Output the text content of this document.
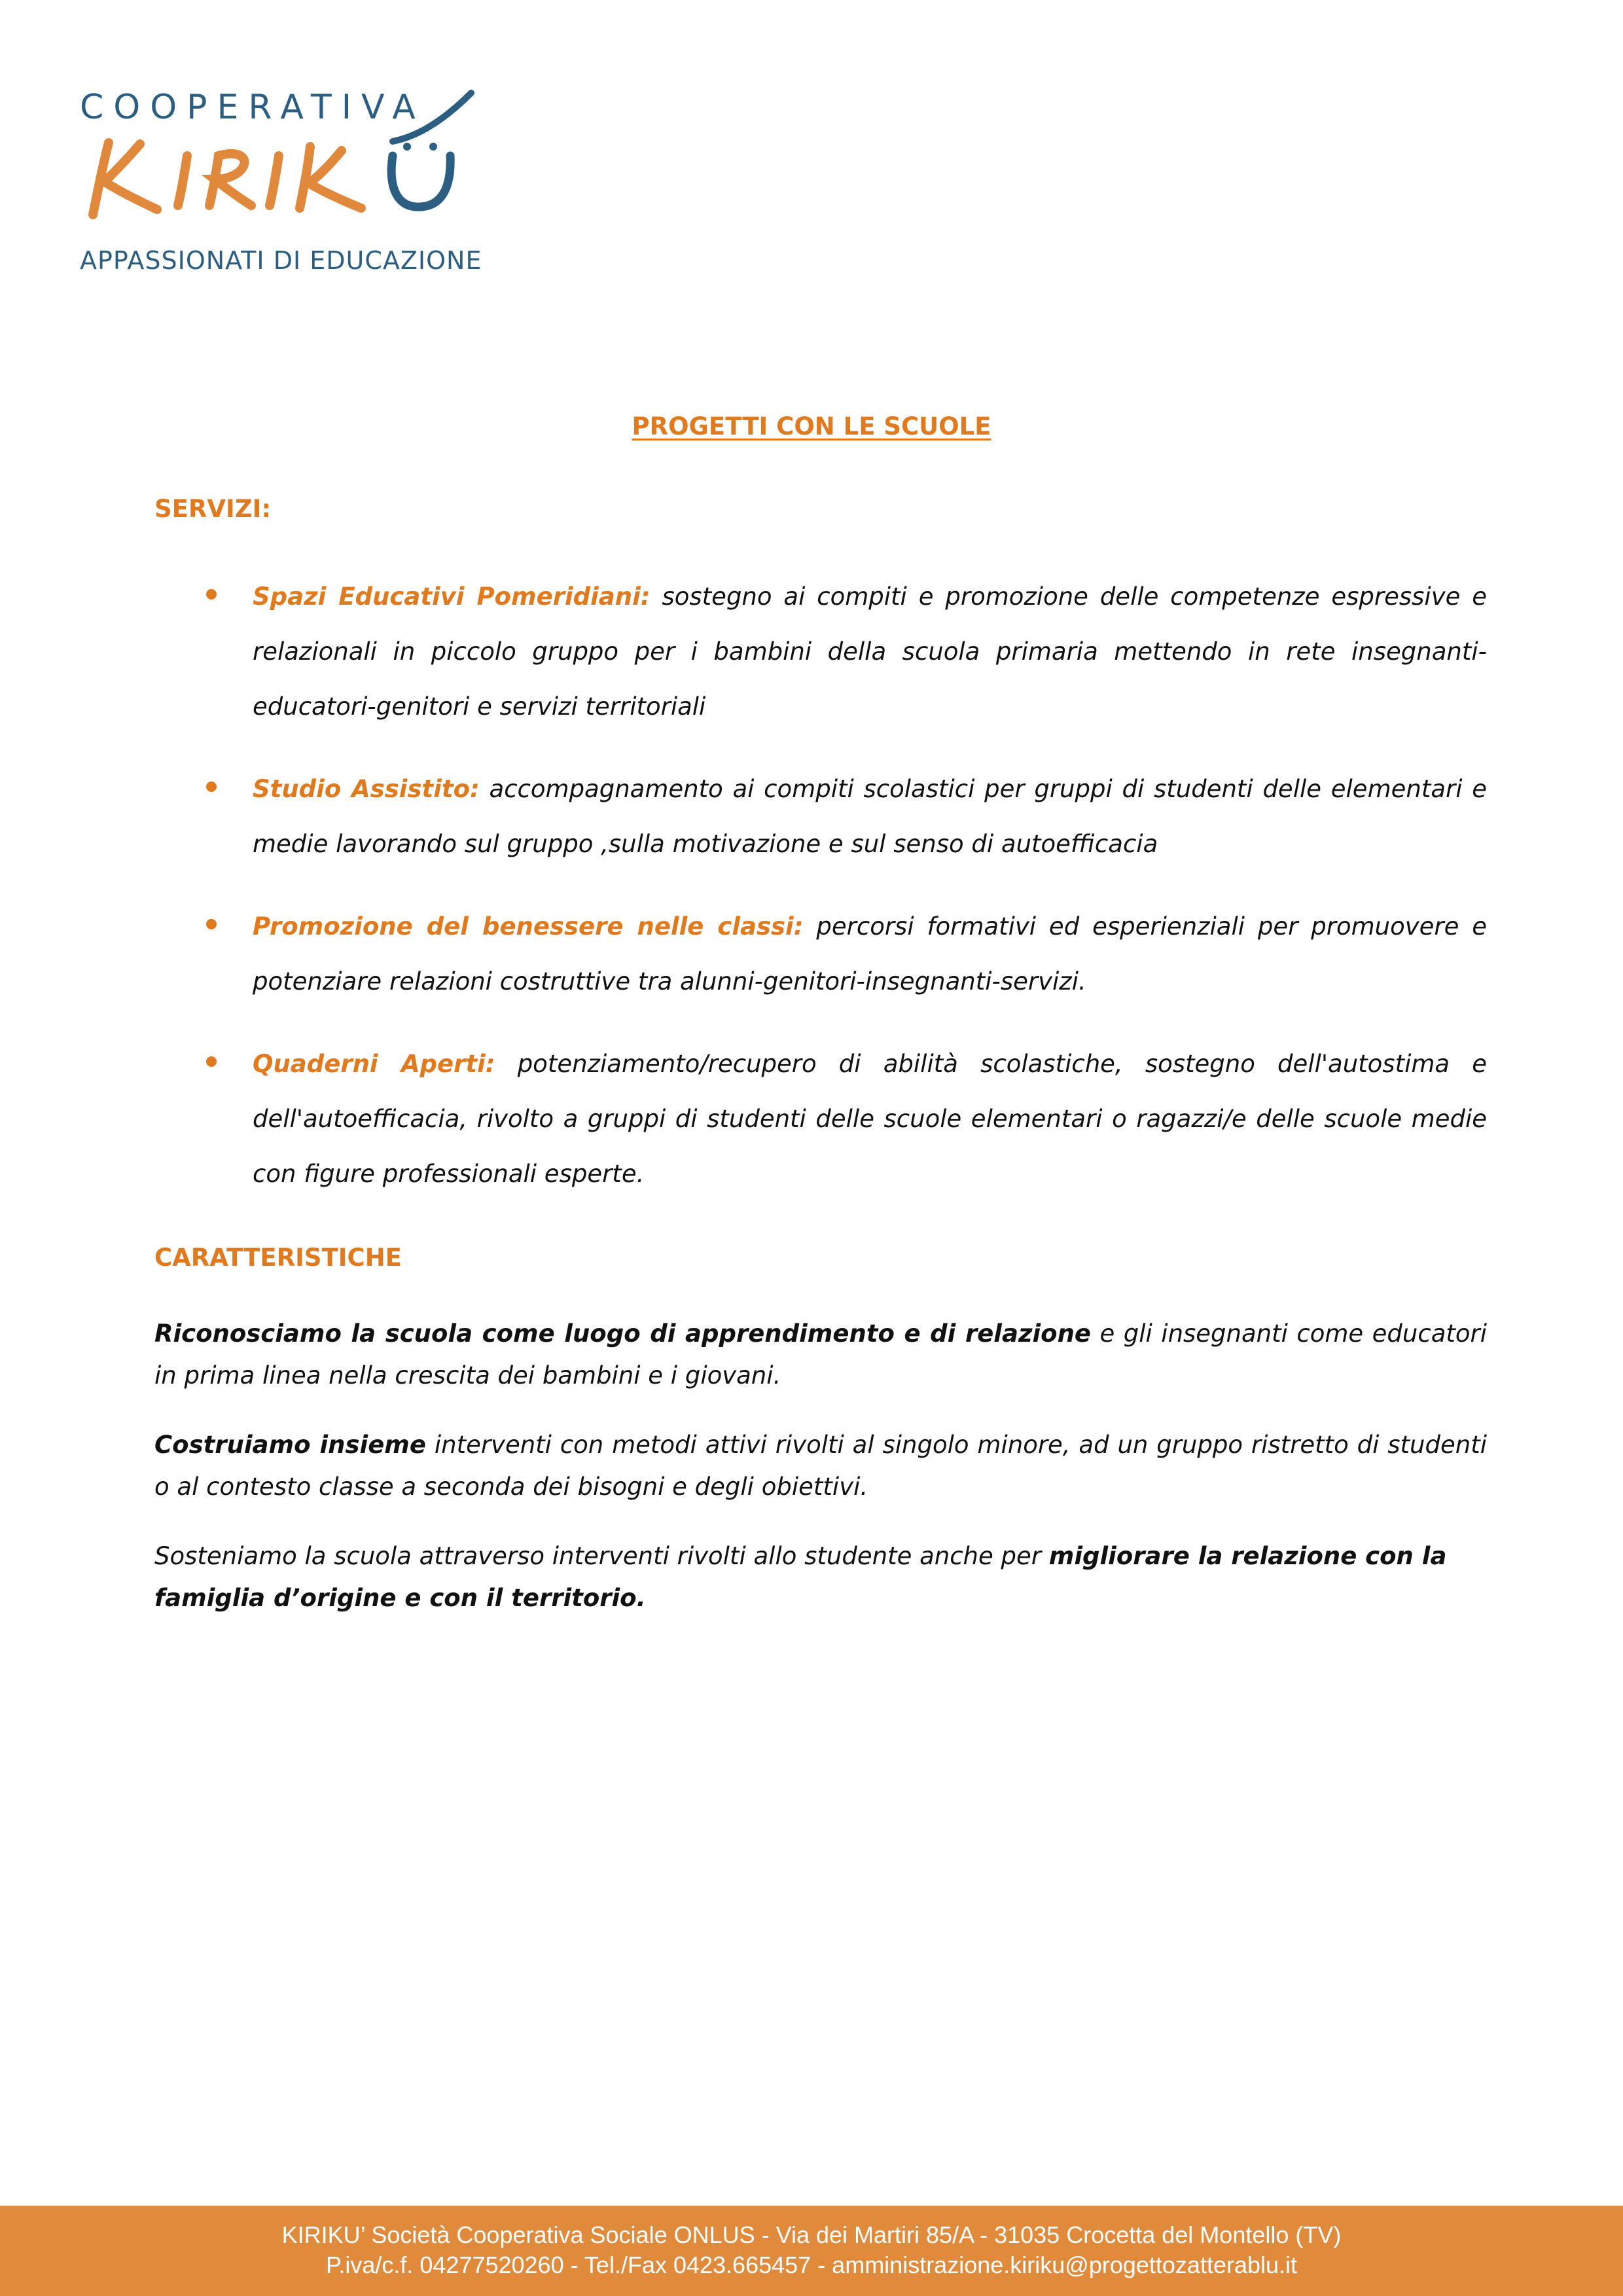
COOPERATIVA
APPASSIONATI DI EDUCAZIONE
PROGETTI CON LE SCUOLE
SERVIZI:
Spazi Educativi Pomeridiani: sostegno ai compiti e promozione delle competenze espressive e relazionali in piccolo gruppo per i bambini della scuola primaria mettendo in rete insegnanti-educatori-genitori e servizi territoriali
Studio Assistito: accompagnamento ai compiti scolastici per gruppi di studenti delle elementari e medie lavorando sul gruppo ,sulla motivazione e sul senso di autoefficacia
Promozione del benessere nelle classi: percorsi formativi ed esperienziali per promuovere e potenziare relazioni costruttive tra alunni-genitori-insegnanti-servizi.
Quaderni Aperti: potenziamento/recupero di abilità scolastiche, sostegno dell'autostima e dell'autoefficacia, rivolto a gruppi di studenti delle scuole elementari o ragazzi/e delle scuole medie con figure professionali esperte.
CARATTERISTICHE

Riconosciamo la scuola come luogo di apprendimento e di relazione e gli insegnanti come educatori in prima linea nella crescita dei bambini e i giovani.

Costruiamo insieme interventi con metodi attivi rivolti al singolo minore, ad un gruppo ristretto di studenti o al contesto classe a seconda dei bisogni e degli obiettivi.

Sosteniamo la scuola attraverso interventi rivolti allo studente anche per migliorare la relazione con la famiglia d’origine e con il territorio.

KIRIKU’ Società Cooperativa Sociale ONLUS - Via dei Martiri 85/A - 31035 Crocetta del Montello (TV)
P.iva/c.f. 04277520260 - Tel./Fax 0423.665457 - amministrazione.kiriku@progettozatterablu.it
